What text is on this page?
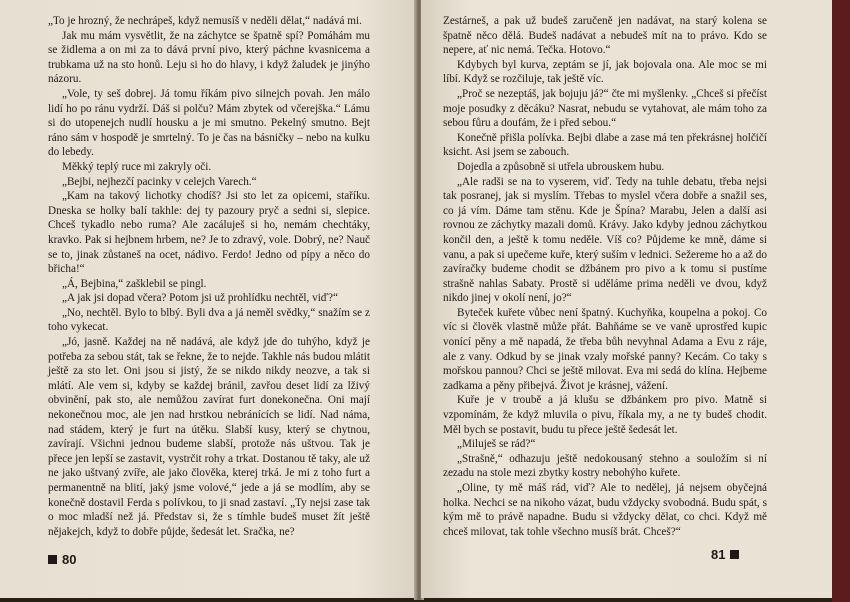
„To je hrozný, že nechrápeš, když nemusíš v neděli dělat,“ nadává mi.

Jak mu mám vysvětlit, že na záchytce se špatně spí? Pomáhám mu se židlema a on mi za to dává první pivo, který páchne kvasnicema a trubkama už na sto honů. Leju si ho do hlavy, i když žaludek je jinýho názoru.

„Vole, ty seš dobrej. Já tomu říkám pivo silnejch povah. Jen málo lidí ho po ránu vydrží. Dáš si polču? Mám zbytek od včerejška.“ Lámu si do utopenejch nudlí housku a je mi smutno. Pekelný smutno. Bejt ráno sám v hospodě je smrtelný. To je čas na básničky – nebo na kulku do lebedy.

Měkký teplý ruce mi zakryly oči.

„Bejbi, nejhezčí pacinky v celejch Varech.“

„Kam na takový lichotky chodíš? Jsi sto let za opicemi, staříku. Dneska se holky balí takhle: dej ty pazoury pryč a sedni si, slepice. Chceš tykadlo nebo ruma? Ale zacáluješ si ho, nemám chechtáky, kravko. Pak si hejbnem hrbem, ne? Je to zdravý, vole. Dobrý, ne? Nauč se to, jinak zůstaneš na ocet, nádivo. Ferdo! Jedno od pípy a něco do břicha!“

„Á, Bejbina,“ zašklebil se pingl.

„A jak jsi dopad včera? Potom jsi už prohlídku nechtěl, viď?“

„No, nechtěl. Bylo to blbý. Byli dva a já neměl svědky,“ snažím se z toho vykecat.

„Jó, jasně. Každej na ně nadává, ale když jde do tuhýho, když je potřeba za sebou stát, tak se řekne, že to nejde. Takhle nás budou mlátit ještě za sto let. Oni jsou si jistý, že se nikdo nikdy neozve, a tak si mlátí. Ale vem si, kdyby se každej bránil, zavřou deset lidí za lživý obvinění, pak sto, ale nemůžou zavírat furt donekonečna. Oni mají nekonečnou moc, ale jen nad hrstkou nebránících se lidí. Nad náma, nad stádem, který je furt na útěku. Slabší kusy, který se chytnou, zavírají. Všichni jednou budeme slabší, protože nás uštvou. Tak je přece jen lepší se zastavit, vystrčit rohy a trkat. Dostanou tě taky, ale už ne jako uštvaný zvíře, ale jako člověka, kterej trká. Je mi z toho furt a permanentně na blití, jaký jsme volové,“ jede a já se modlím, aby se konečně dostavil Ferda s polívkou, to ji snad zastaví. „Ty nejsi zase tak o moc mladší než já. Představ si, že s tímhle budeš muset žít ještě nějakejch, když to dobře půjde, šedesát let. Sračka, ne?

80

Zestárneš, a pak už budeš zaručeně jen nadávat, na starý kolena se špatně něco dělá. Budeš nadávat a nebudeš mít na to právo. Kdo se nepere, ať nic nemá. Tečka. Hotovo.“

Kdybych byl kurva, zeptám se jí, jak bojovala ona. Ale moc se mi líbí. Když se rozčiluje, tak ještě víc.

„Proč se nezeptáš, jak bojuju já?“ čte mi myšlenky. „Chceš si přečíst moje posudky z děcáku? Nasrat, nebudu se vytahovat, ale mám toho za sebou fůru a doufám, že i před sebou.“

Konečně přišla polívka. Bejbi dlabe a zase má ten překrásnej holčičí ksicht. Asi jsem se zabouch.

Dojedla a způsobně si utřela ubrouskem hubu.

„Ale radši se na to vyserem, viď. Tedy na tuhle debatu, třeba nejsi tak posranej, jak si myslím. Třebas to myslel včera dobře a snažil ses, co já vím. Dáme tam stěnu. Kde je Špína? Marabu, Jelen a další asi rovnou ze záchytky mazali domů. Krávy. Jako kdyby jednou záchytkou končil den, a ještě k tomu neděle. Víš co? Půjdeme ke mně, dáme si vanu, a pak si upečeme kuře, který suším v lednici. Sežereme ho a až do zavíračky budeme chodit se džbánem pro pivo a k tomu si pustíme strašně nahlas Sabaty. Prostě si uděláme prima neděli ve dvou, když nikdo jinej v okolí není, jo?“

Byteček kuřete vůbec není špatný. Kuchyňka, koupelna a pokoj. Co víc si člověk vlastně může přát. Bahňáme se ve vaně uprostřed kupic vonící pěny a mě napadá, že třeba bůh nevyhnal Adama a Evu z ráje, ale z vany. Odkud by se jinak vzaly mořské panny? Kecám. Co taky s mořskou pannou? Chci se ještě milovat. Eva mi sedá do klína. Hejbeme zadkama a pěny přibejvá. Život je krásnej, vážení.

Kuře je v troubě a já klušu se džbánkem pro pivo. Matně si vzpomínám, že když mluvila o pivu, říkala my, a ne ty budeš chodit. Měl bych se postavit, budu tu přece ještě šedesát let.

„Miluješ se rád?“

„Strašně,“ odhazuju ještě nedokousaný stehno a souložím si ní zezadu na stole mezi zbytky kostry nebohýho kuřete.

„Oline, ty mě máš rád, viď? Ale to nedělej, já nejsem obyčejná holka. Nechci se na nikoho vázat, budu vždycky svobodná. Budu spát, s kým mě to právě napadne. Budu si vždycky dělat, co chci. Když mě chceš milovat, tak tohle všechno musíš brát. Chceš?“

81
